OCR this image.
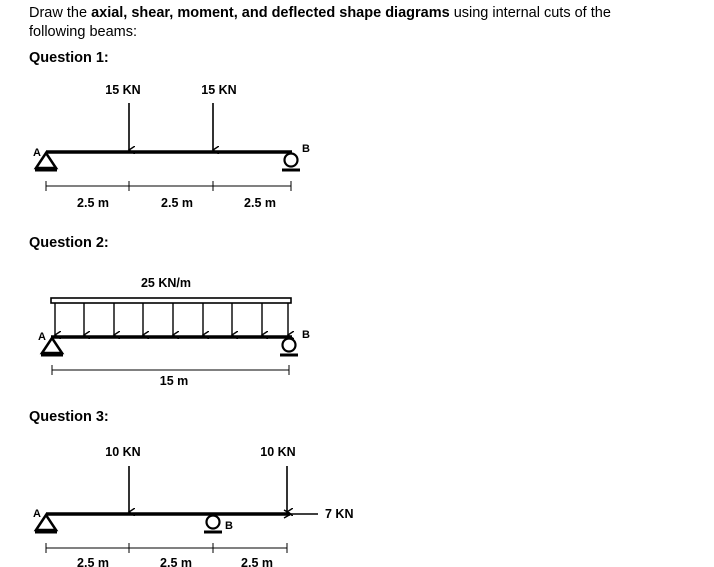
Draw the axial, shear, moment, and deflected shape diagrams using internal cuts of the following beams:
Question 1:
Question 2:
Question 3:
A	B
15 KN	15 KN
2.5 m	2.5 m	2.5 m
A	B
25 KN/m
15 m
A
B
10 KN	10 KN
7 KN
2.5 m	2.5 m	2.5 m
